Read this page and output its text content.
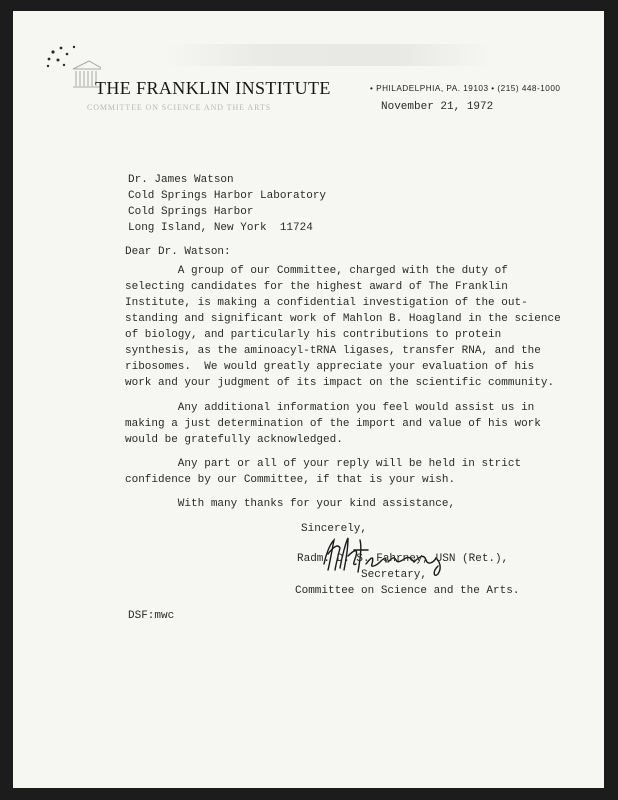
THE FRANKLIN INSTITUTE	• PHILADELPHIA, PA. 19103 • (215) 448-1000
COMMITTEE ON SCIENCE AND THE ARTS	November 21, 1972
Dr. James Watson
Cold Springs Harbor Laboratory
Cold Springs Harbor
Long Island, New York  11724
Dear Dr. Watson:
A group of our Committee, charged with the duty of
selecting candidates for the highest award of The Franklin
Institute, is making a confidential investigation of the out-
standing and significant work of Mahlon B. Hoagland in the science
of biology, and particularly his contributions to protein
synthesis, as the aminoacyl-tRNA ligases, transfer RNA, and the
ribosomes.  We would greatly appreciate your evaluation of his
work and your judgment of its impact on the scientific community.
Any additional information you feel would assist us in
making a just determination of the import and value of his work
would be gratefully acknowledged.
Any part or all of your reply will be held in strict
confidence by our Committee, if that is your wish.
With many thanks for your kind assistance,
Sincerely,
Radm. D. S. Fahrney, USN (Ret.),
Secretary,
Committee on Science and the Arts.
DSF:mwc
